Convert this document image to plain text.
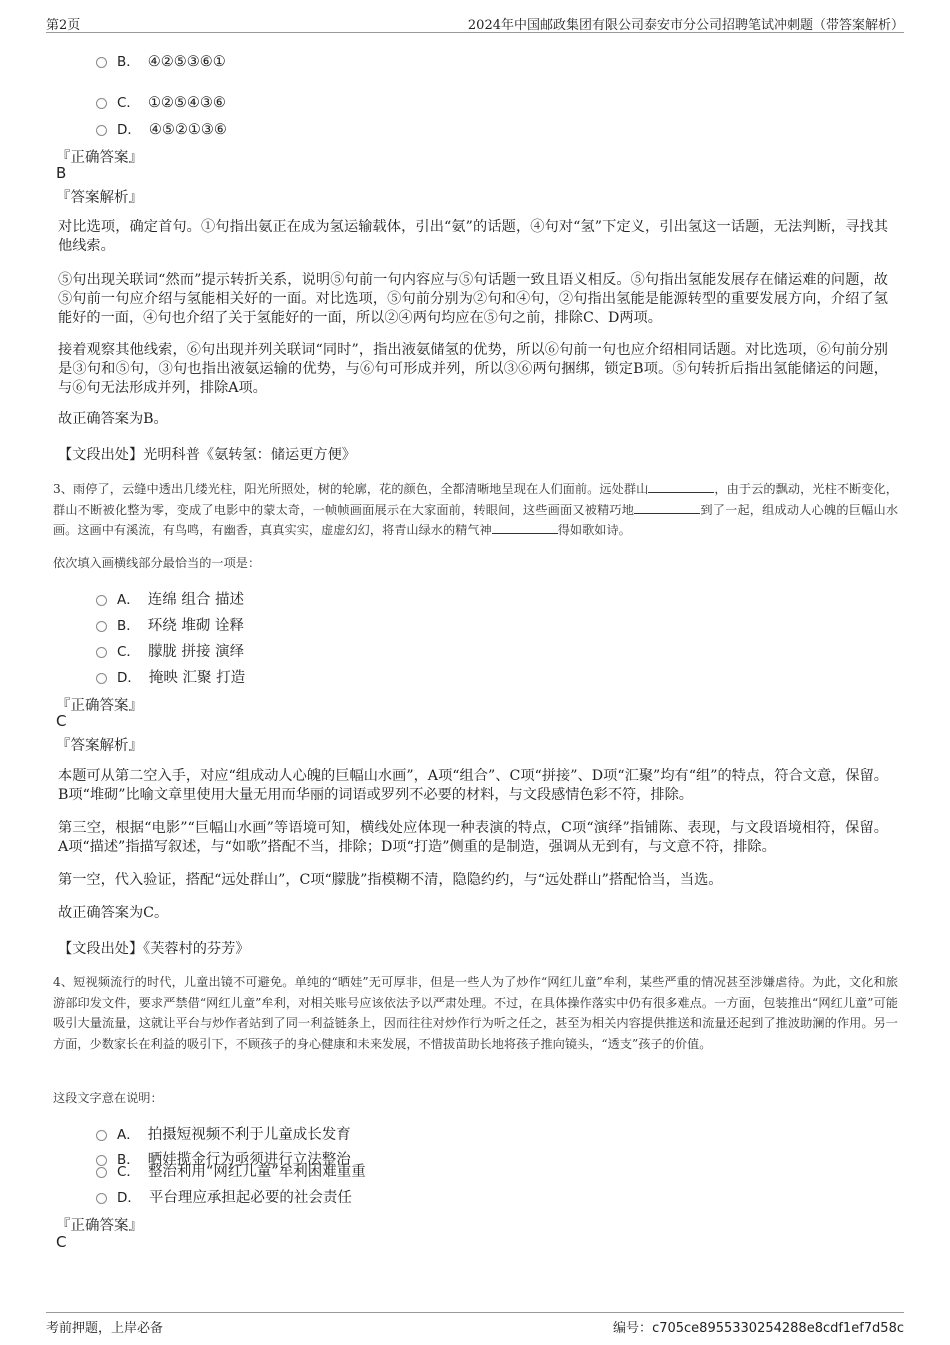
第2页	2024年中国邮政集团有限公司泰安市分公司招聘笔试冲刺题（带答案解析）
B． ④②⑤③⑥①
C． ①②⑤④③⑥
D． ④⑤②①③⑥
『正确答案』
B
『答案解析』

对比选项，确定首句。①句指出氨正在成为氢运输载体，引出“氨”的话题，④句对“氢”下定义，引出氢这一话题，无法判断，寻找其他线索。

⑤句出现关联词“然而”提示转折关系，说明⑤句前一句内容应与⑤句话题一致且语义相反。⑤句指出氢能发展存在储运难的问题，故⑤句前一句应介绍与氢能相关好的一面。对比选项，⑤句前分别为②句和④句，②句指出氢能是能源转型的重要发展方向，介绍了氢能好的一面，④句也介绍了关于氢能好的一面，所以②④两句均应在⑤句之前，排除C、D两项。

接着观察其他线索，⑥句出现并列关联词“同时”，指出液氨储氢的优势，所以⑥句前一句也应介绍相同话题。对比选项，⑥句前分别是③句和⑤句，③句也指出液氨运输的优势，与⑥句可形成并列，所以③⑥两句捆绑，锁定B项。⑤句转折后指出氢能储运的问题，与⑥句无法形成并列，排除A项。

故正确答案为B。

【文段出处】光明科普《氨转氢：储运更方便》

3、雨停了，云缝中透出几缕光柱，阳光所照处，树的轮廓，花的颜色，全都清晰地呈现在人们面前。远处群山	，由于云的飘动，光柱不断变化，群山不断被化整为零，变成了电影中的蒙太奇，一帧帧画面展示在大家面前，转眼间，这些画面又被精巧地	到了一起，组成动人心魄的巨幅山水画。这画中有溪流，有鸟鸣，有幽香，真真实实，虚虚幻幻，将青山绿水的精气神	得如歌如诗。

依次填入画横线部分最恰当的一项是：
A． 连绵 组合 描述
B． 环绕 堆砌 诠释
C． 朦胧 拼接 演绎
D． 掩映 汇聚 打造
『正确答案』
C
『答案解析』

本题可从第二空入手，对应“组成动人心魄的巨幅山水画”，A项“组合”、C项“拼接”、D项“汇聚”均有“组”的特点，符合文意，保留。B项“堆砌”比喻文章里使用大量无用而华丽的词语或罗列不必要的材料，与文段感情色彩不符，排除。

第三空，根据“电影”“巨幅山水画”等语境可知，横线处应体现一种表演的特点，C项“演绎”指铺陈、表现，与文段语境相符，保留。A项“描述”指描写叙述，与“如歌”搭配不当，排除；D项“打造”侧重的是制造，强调从无到有，与文意不符，排除。

第一空，代入验证，搭配“远处群山”，C项“朦胧”指模糊不清，隐隐约约，与“远处群山”搭配恰当，当选。

故正确答案为C。

【文段出处】《芙蓉村的芬芳》

4、短视频流行的时代，儿童出镜不可避免。单纯的“晒娃”无可厚非，但是一些人为了炒作“网红儿童”牟利，某些严重的情况甚至涉嫌虐待。为此，文化和旅游部印发文件，要求严禁借“网红儿童”牟利，对相关账号应该依法予以严肃处理。不过，在具体操作落实中仍有很多难点。一方面，包装推出“网红儿童”可能吸引大量流量，这就让平台与炒作者站到了同一利益链条上，因而往往对炒作行为听之任之，甚至为相关内容提供推送和流量还起到了推波助澜的作用。另一方面，少数家长在利益的吸引下，不顾孩子的身心健康和未来发展，不惜拔苗助长地将孩子推向镜头，“透支”孩子的价值。

这段文字意在说明：
A． 拍摄短视频不利于儿童成长发育
B． 晒娃揽金行为亟须进行立法整治
C． 整治利用“网红儿童”牟利困难重重
D． 平台理应承担起必要的社会责任
『正确答案』
C
考前押题，上岸必备	编号：c705ce8955330254288e8cdf1ef7d58c
